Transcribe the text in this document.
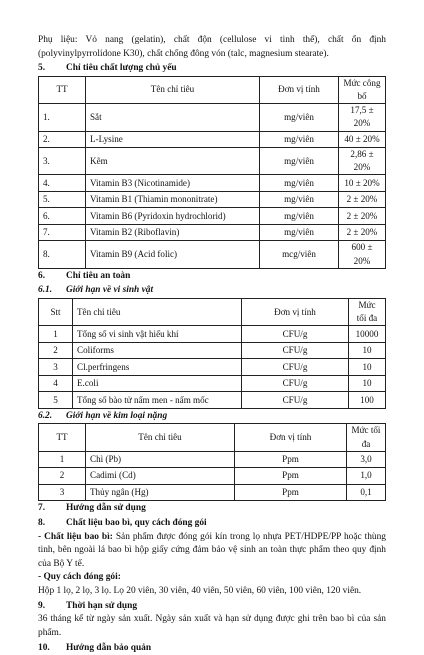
Phụ liệu: Vỏ nang (gelatin), chất độn (cellulose vi tinh thể), chất ổn định (polyvinylpyrrolidone K30), chất chống đông vón (talc, magnesium stearate).

5.	Chỉ tiêu chất lượng chủ yếu
TT	Tên chỉ tiêu	Đơn vị tính	Mức công bố
1.	Sắt	mg/viên	17,5 ± 20%
2.	L-Lysine	mg/viên	40 ± 20%
3.	Kẽm	mg/viên	2,86 ± 20%
4.	Vitamin B3 (Nicotinamide)	mg/viên	10 ± 20%
5.	Vitamin B1 (Thiamin mononitrate)	mg/viên	2 ± 20%
6.	Vitamin B6 (Pyridoxin hydrochlorid)	mg/viên	2 ± 20%
7.	Vitamin B2 (Riboflavin)	mg/viên	2 ± 20%
8.	Vitamin B9 (Acid folic)	mcg/viên	600 ± 20%
6.	Chỉ tiêu an toàn
6.1.	Giới hạn về vi sinh vật
Stt	Tên chỉ tiêu	Đơn vị tính	Mức tối đa
1	Tổng số vi sinh vật hiếu khí	CFU/g	10000
2	Coliforms	CFU/g	10
3	Cl.perfringens	CFU/g	10
4	E.coli	CFU/g	10
5	Tổng số bào tử nấm men - nấm mốc	CFU/g	100
6.2.	Giới hạn về kim loại nặng
TT	Tên chỉ tiêu	Đơn vị tính	Mức tối đa
1	Chì (Pb)	Ppm	3,0
2	Cadimi (Cd)	Ppm	1,0
3	Thủy ngân (Hg)	Ppm	0,1
7.	Hướng dẫn sử dụng
8.	Chất liệu bao bì, quy cách đóng gói

- Chất liệu bao bì: Sản phẩm được đóng gói kín trong lọ nhựa PET/HDPE/PP hoặc thùng tinh, bên ngoài lá bao bì hộp giấy cứng đảm bảo vệ sinh an toàn thực phẩm theo quy định của Bộ Y tế.

- Quy cách đóng gói:

Hộp 1 lọ, 2 lọ, 3 lọ. Lọ 20 viên, 30 viên, 40 viên, 50 viên, 60 viên, 100 viên, 120 viên.

9.	Thời hạn sử dụng

36 tháng kể từ ngày sản xuất. Ngày sản xuất và hạn sử dụng được ghi trên bao bì của sản phẩm.

10.	Hướng dẫn bảo quản
